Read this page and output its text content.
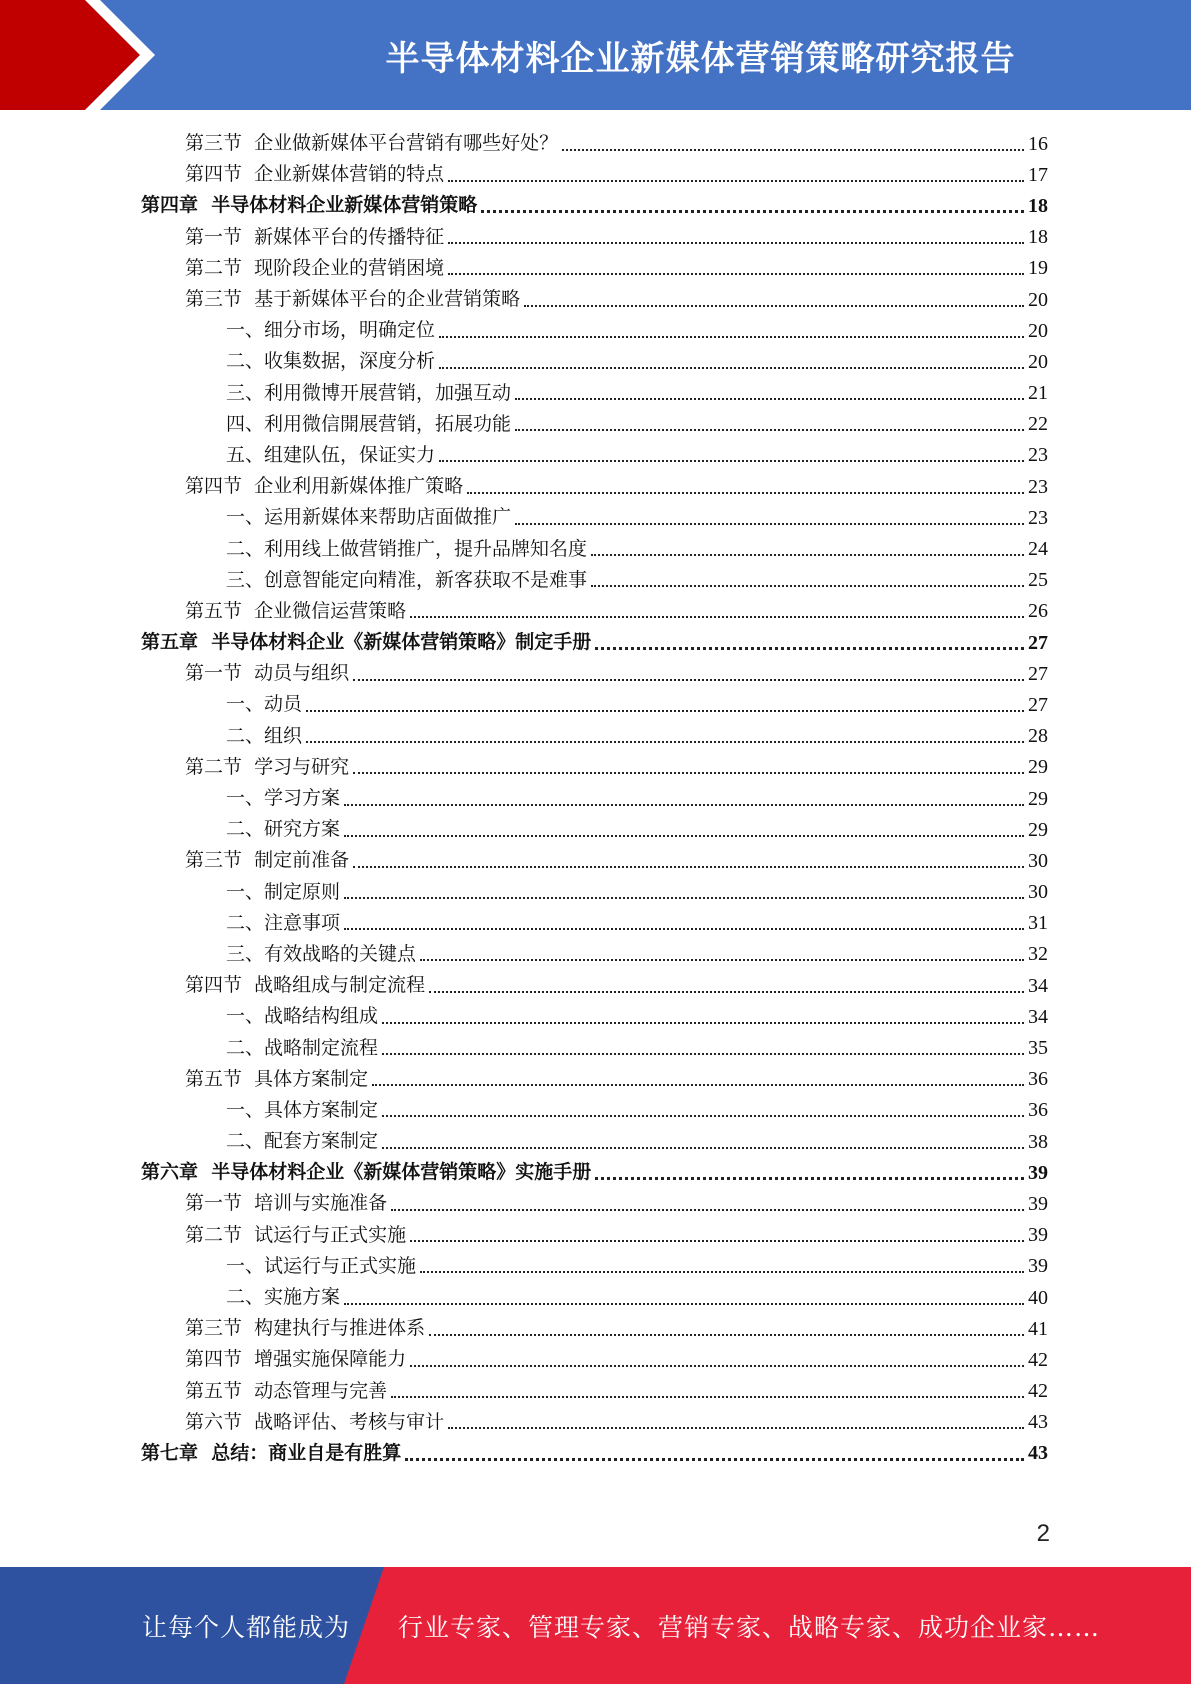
半导体材料企业新媒体营销策略研究报告
第三节  企业做新媒体平台营销有哪些好处？	16
第四节  企业新媒体营销的特点	17
第四章  半导体材料企业新媒体营销策略	18
第一节  新媒体平台的传播特征	18
第二节  现阶段企业的营销困境	19
第三节  基于新媒体平台的企业营销策略	20
一、细分市场，明确定位	20
二、收集数据，深度分析	20
三、利用微博开展营销，加强互动	21
四、利用微信開展营销，拓展功能	22
五、组建队伍，保证实力	23
第四节  企业利用新媒体推广策略	23
一、运用新媒体来帮助店面做推广	23
二、利用线上做营销推广，提升品牌知名度	24
三、创意智能定向精准，新客获取不是难事	25
第五节  企业微信运营策略	26
第五章  半导体材料企业《新媒体营销策略》制定手册	27
第一节  动员与组织	27
一、动员	27
二、组织	28
第二节  学习与研究	29
一、学习方案	29
二、研究方案	29
第三节  制定前准备	30
一、制定原则	30
二、注意事项	31
三、有效战略的关键点	32
第四节  战略组成与制定流程	34
一、战略结构组成	34
二、战略制定流程	35
第五节  具体方案制定	36
一、具体方案制定	36
二、配套方案制定	38
第六章  半导体材料企业《新媒体营销策略》实施手册	39
第一节  培训与实施准备	39
第二节  试运行与正式实施	39
一、试运行与正式实施	39
二、实施方案	40
第三节  构建执行与推进体系	41
第四节  增强实施保障能力	42
第五节  动态管理与完善	42
第六节  战略评估、考核与审计	43
第七章  总结：商业自是有胜算	43
2
让每个人都能成为 行业专家、管理专家、营销专家、战略专家、成功企业家……
